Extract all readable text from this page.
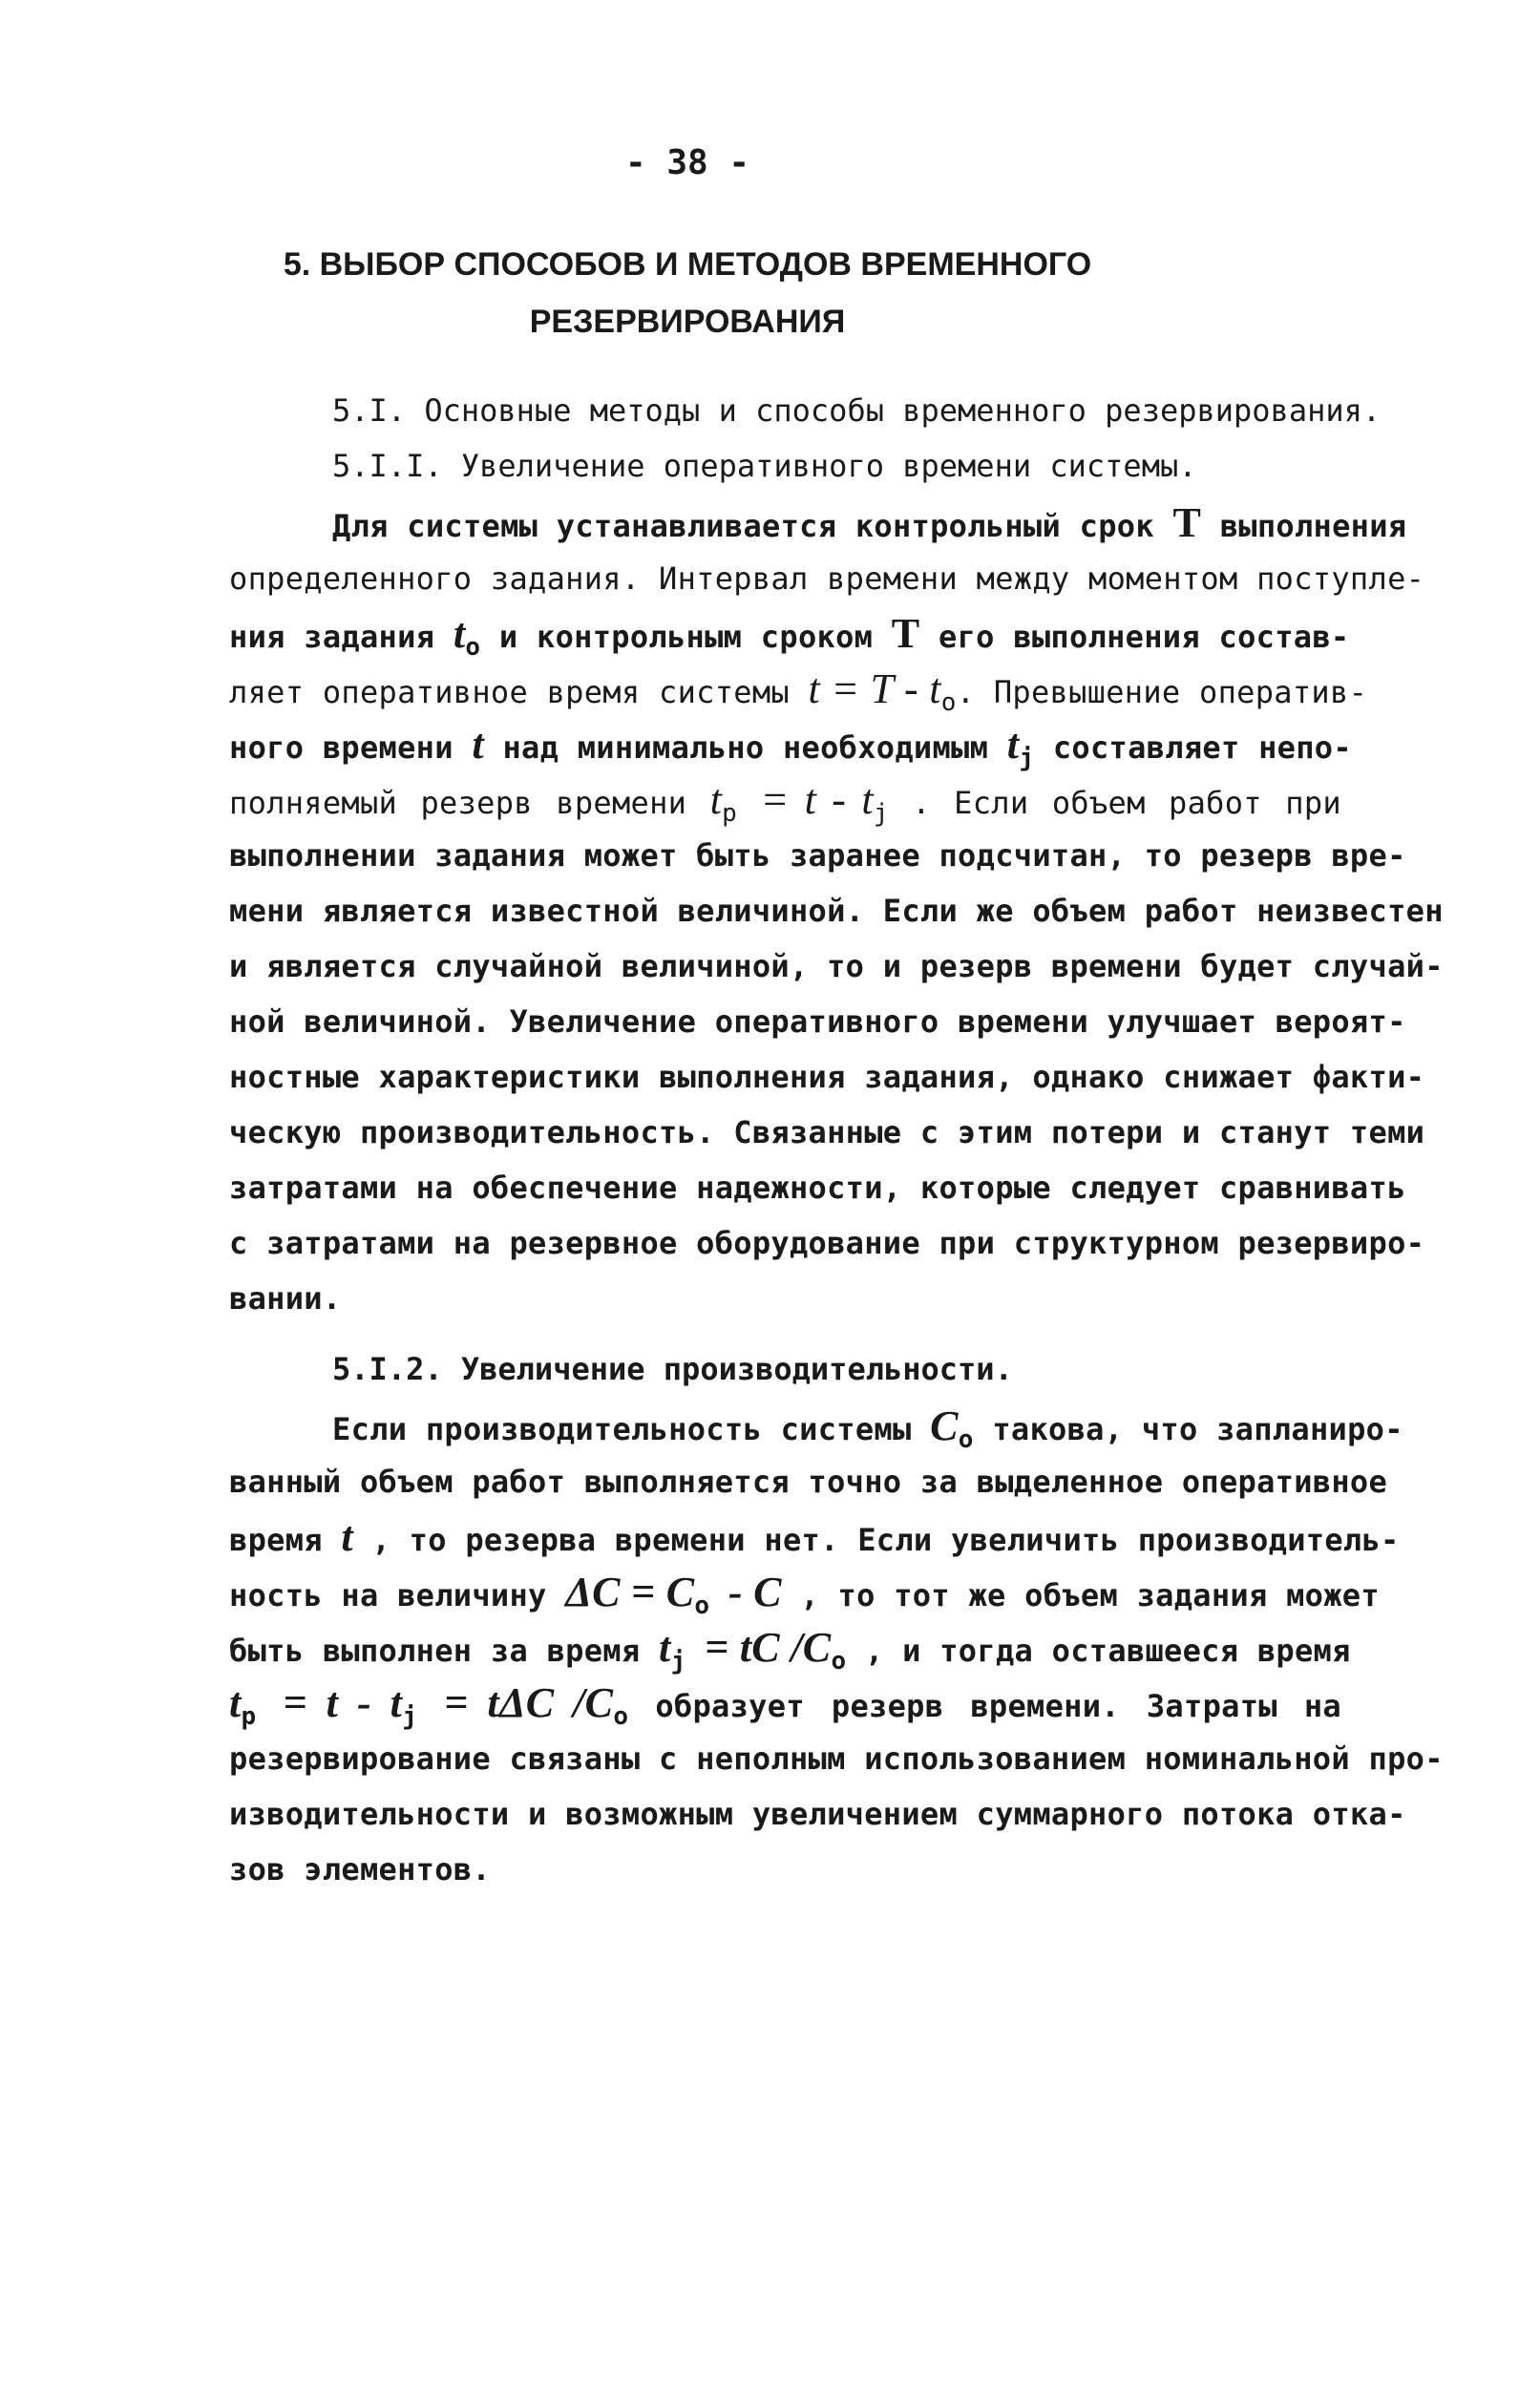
- 38 -
5. ВЫБОР СПОСОБОВ И МЕТОДОВ ВРЕМЕННОГО
РЕЗЕРВИРОВАНИЯ
5.I. Основные методы и способы временного резервирования.
5.I.I. Увеличение оперативного времени системы.
Для системы устанавливается контрольный срок T выполнения
определенного задания. Интервал времени между моментом поступле-
ния задания $t_o$ и контрольным сроком T его выполнения состав-
ляет оперативное время системы $t = T - t_o$. Превышение оператив-
ного времени t над минимально необходимым $t_j$ составляет непо-
полняемый резерв времени $t_p = t - t_j$ . Если объем работ при
выполнении задания может быть заранее подсчитан, то резерв вре-
мени является известной величиной. Если же объем работ неизвестен
и является случайной величиной, то и резерв времени будет случай-
ной величиной. Увеличение оперативного времени улучшает вероят-
ностные характеристики выполнения задания, однако снижает факти-
ческую производительность. Связанные с этим потери и станут теми
затратами на обеспечение надежности, которые следует сравнивать
с затратами на резервное оборудование при структурном резервиро-
вании.
5.I.2. Увеличение производительности.
Если производительность системы $C_o$ такова, что запланиро-
ванный объем работ выполняется точно за выделенное оперативное
время t , то резерва времени нет. Если увеличить производитель-
ность на величину $\Delta C = C_o - C$ , то тот же объем задания может
быть выполнен за время $t_j$ = tC $/C_o$ , и тогда оставшееся время
$t_p = t - t_j = t\Delta C$ $/C_o$ образует резерв времени. Затраты на
резервирование связаны с неполным использованием номинальной про-
изводительности и возможным увеличением суммарного потока отка-
зов элементов.
